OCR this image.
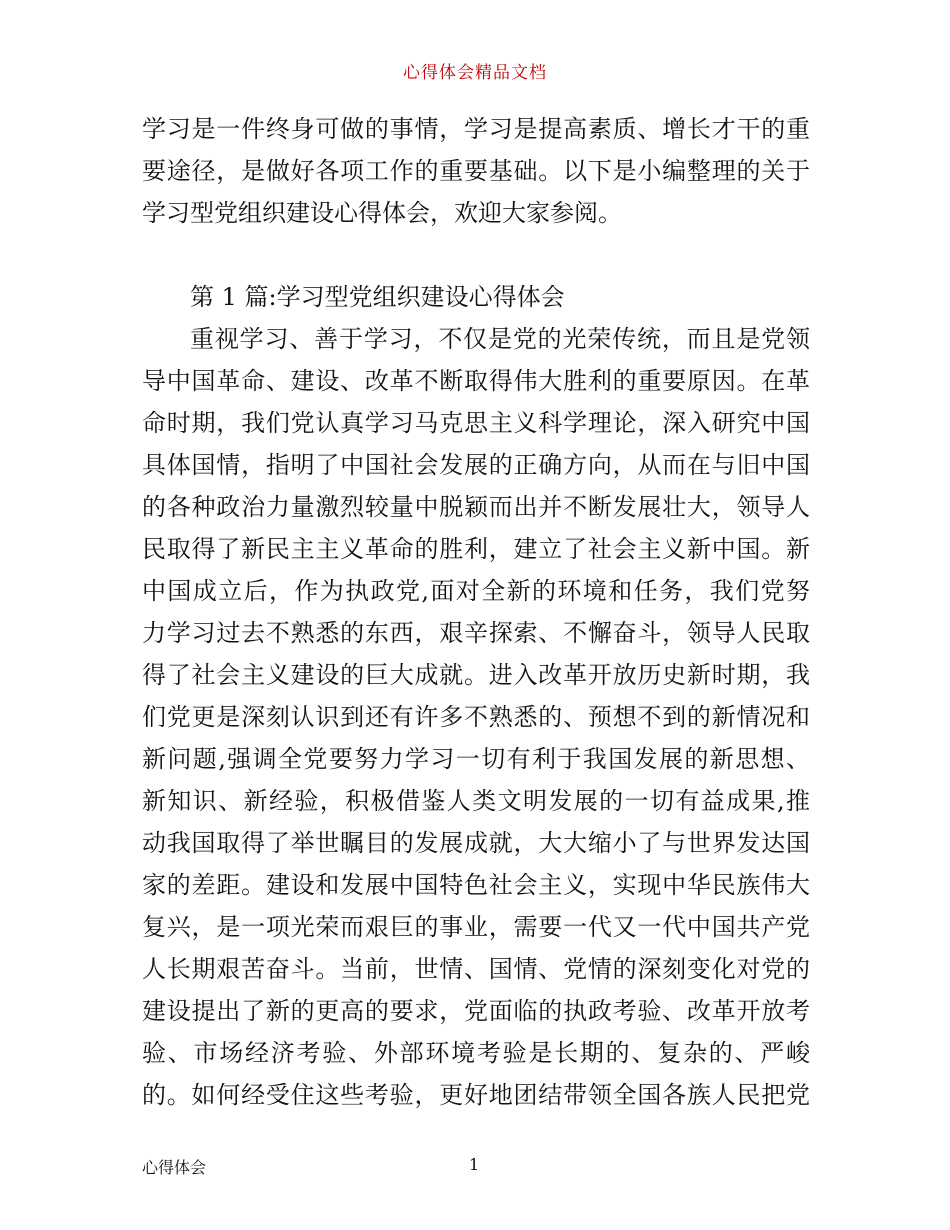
心得体会精品文档
学习是一件终身可做的事情，学习是提高素质、增长才干的重
要途径，是做好各项工作的重要基础。以下是小编整理的关于
学习型党组织建设心得体会，欢迎大家参阅。
第 1 篇:学习型党组织建设心得体会
重视学习、善于学习，不仅是党的光荣传统，而且是党领
导中国革命、建设、改革不断取得伟大胜利的重要原因。在革
命时期，我们党认真学习马克思主义科学理论，深入研究中国
具体国情，指明了中国社会发展的正确方向，从而在与旧中国
的各种政治力量激烈较量中脱颖而出并不断发展壮大，领导人
民取得了新民主主义革命的胜利，建立了社会主义新中国。新
中国成立后，作为执政党,面对全新的环境和任务，我们党努
力学习过去不熟悉的东西，艰辛探索、不懈奋斗，领导人民取
得了社会主义建设的巨大成就。进入改革开放历史新时期，我
们党更是深刻认识到还有许多不熟悉的、预想不到的新情况和
新问题,强调全党要努力学习一切有利于我国发展的新思想、
新知识、新经验，积极借鉴人类文明发展的一切有益成果,推
动我国取得了举世瞩目的发展成就，大大缩小了与世界发达国
家的差距。建设和发展中国特色社会主义，实现中华民族伟大
复兴，是一项光荣而艰巨的事业，需要一代又一代中国共产党
人长期艰苦奋斗。当前，世情、国情、党情的深刻变化对党的
建设提出了新的更高的要求，党面临的执政考验、改革开放考
验、市场经济考验、外部环境考验是长期的、复杂的、严峻
的。如何经受住这些考验，更好地团结带领全国各族人民把党
心得体会	1
